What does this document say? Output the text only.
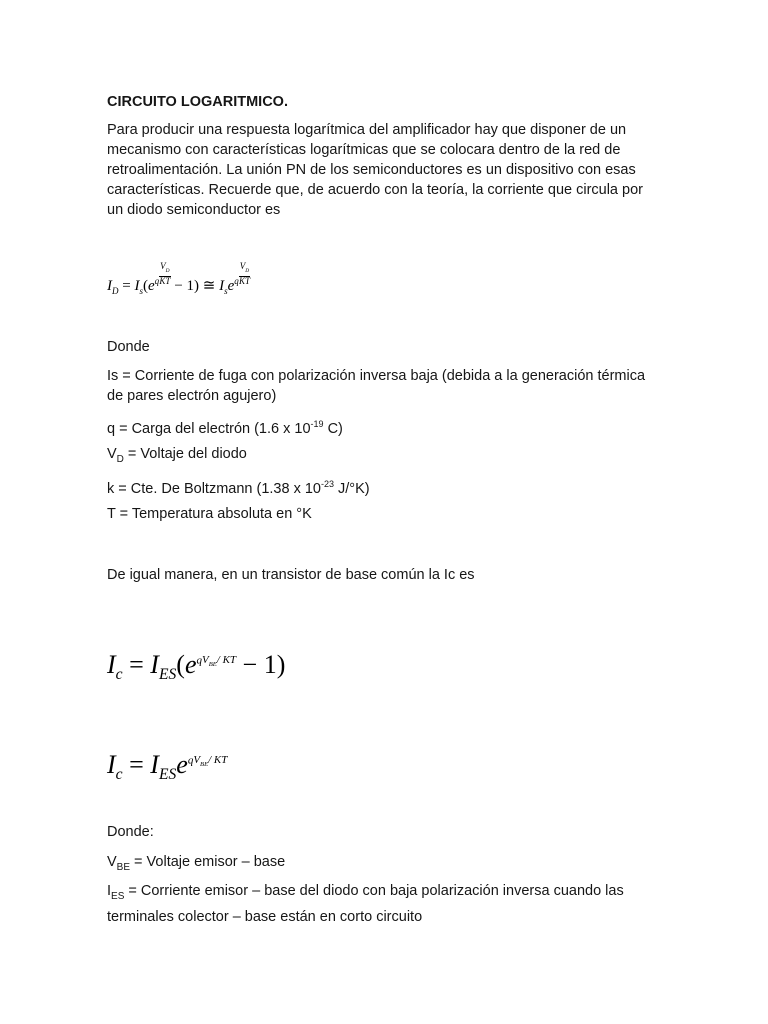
CIRCUITO LOGARITMICO.
Para producir una respuesta logarítmica del amplificador hay que disponer de un mecanismo con características logarítmicas que se colocara dentro de la red de retroalimentación. La unión PN de los semiconductores es un dispositivo con esas características. Recuerde que, de acuerdo con la teoría, la corriente que circula por un diodo semiconductor es
$I_D = I_s(e^q \frac{V_D}{KT} - 1)$ ≅ $I_se^q \frac{V_D}{KT}$
Donde
Is = Corriente de fuga con polarización inversa baja (debida a la generación térmica de pares electrón agujero)
q = Carga del electrón (1.6 x $10^{-19}$ C)
$V_D$ = Voltaje del diodo
k = Cte. De Boltzmann (1.38 x $10^{-23}$ J/°K)
T = Temperatura absoluta en °K
De igual manera, en un transistor de base común la Ic es
$I_c = I_{ES}(e^{qV_{BE}/ KT} - 1)$
$I_c = I_{ES}e^{qV_{BE}/ KT}$
Donde:
$V_{BE}$ = Voltaje emisor – base
$I_{ES}$ = Corriente emisor – base del diodo con baja polarización inversa cuando las terminales colector – base están en corto circuito
